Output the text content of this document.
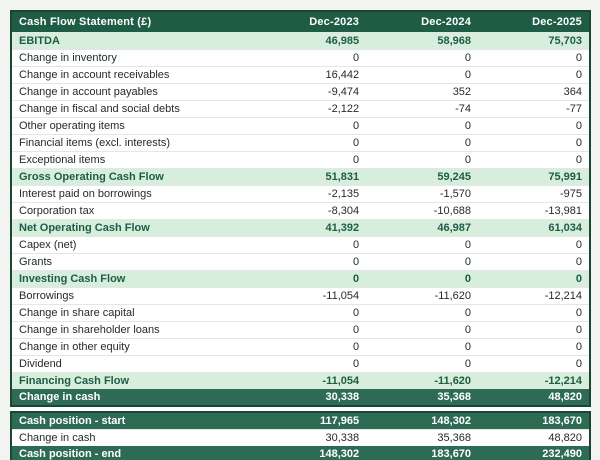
Cash Flow Statement (£)	Dec-2023	Dec-2024	Dec-2025
EBITDA	46,985	58,968	75,703
Change in inventory	0	0	0
Change in account receivables	16,442	0	0
Change in account payables	-9,474	352	364
Change in fiscal and social debts	-2,122	-74	-77
Other operating items	0	0	0
Financial items (excl. interests)	0	0	0
Exceptional items	0	0	0
Gross Operating Cash Flow	51,831	59,245	75,991
Interest paid on borrowings	-2,135	-1,570	-975
Corporation tax	-8,304	-10,688	-13,981
Net Operating Cash Flow	41,392	46,987	61,034
Capex (net)	0	0	0
Grants	0	0	0
Investing Cash Flow	0	0	0
Borrowings	-11,054	-11,620	-12,214
Change in share capital	0	0	0
Change in shareholder loans	0	0	0
Change in other equity	0	0	0
Dividend	0	0	0
Financing Cash Flow	-11,054	-11,620	-12,214
Change in cash	30,338	35,368	48,820
Cash position - start	117,965	148,302	183,670
Change in cash	30,338	35,368	48,820
Cash position - end	148,302	183,670	232,490
